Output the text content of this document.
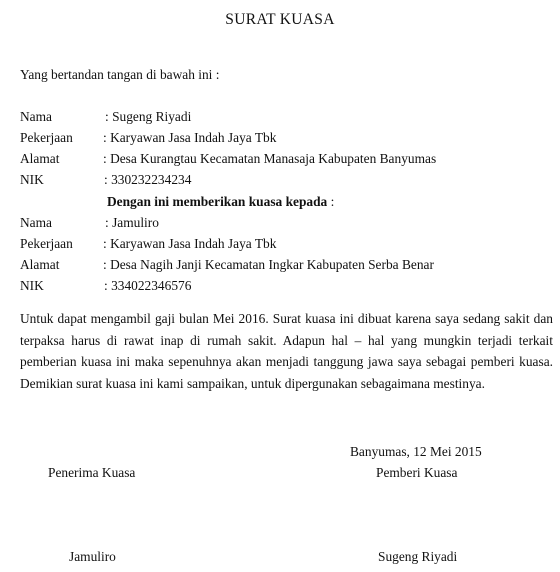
SURAT KUASA
Yang bertandan tangan di bawah ini :
Nama	: Sugeng Riyadi
Pekerjaan : Karyawan Jasa Indah Jaya Tbk
Alamat	: Desa Kurangtau Kecamatan Manasaja Kabupaten Banyumas
NIK	: 330232234234
Dengan ini memberikan kuasa kepada :
Nama	: Jamuliro
Pekerjaan : Karyawan Jasa Indah Jaya Tbk
Alamat	: Desa Nagih Janji Kecamatan Ingkar Kabupaten Serba Benar
NIK	: 334022346576

Untuk dapat mengambil gaji bulan Mei 2016. Surat kuasa ini dibuat karena saya sedang sakit dan terpaksa harus di rawat inap di rumah sakit. Adapun hal – hal yang mungkin terjadi terkait pemberian kuasa ini maka sepenuhnya akan menjadi tanggung jawa saya sebagai pemberi kuasa. Demikian surat kuasa ini kami sampaikan, untuk dipergunakan sebagaimana mestinya.

Banyumas, 12 Mei 2015
Penerima Kuasa	Pemberi Kuasa
Jamuliro	Sugeng Riyadi
